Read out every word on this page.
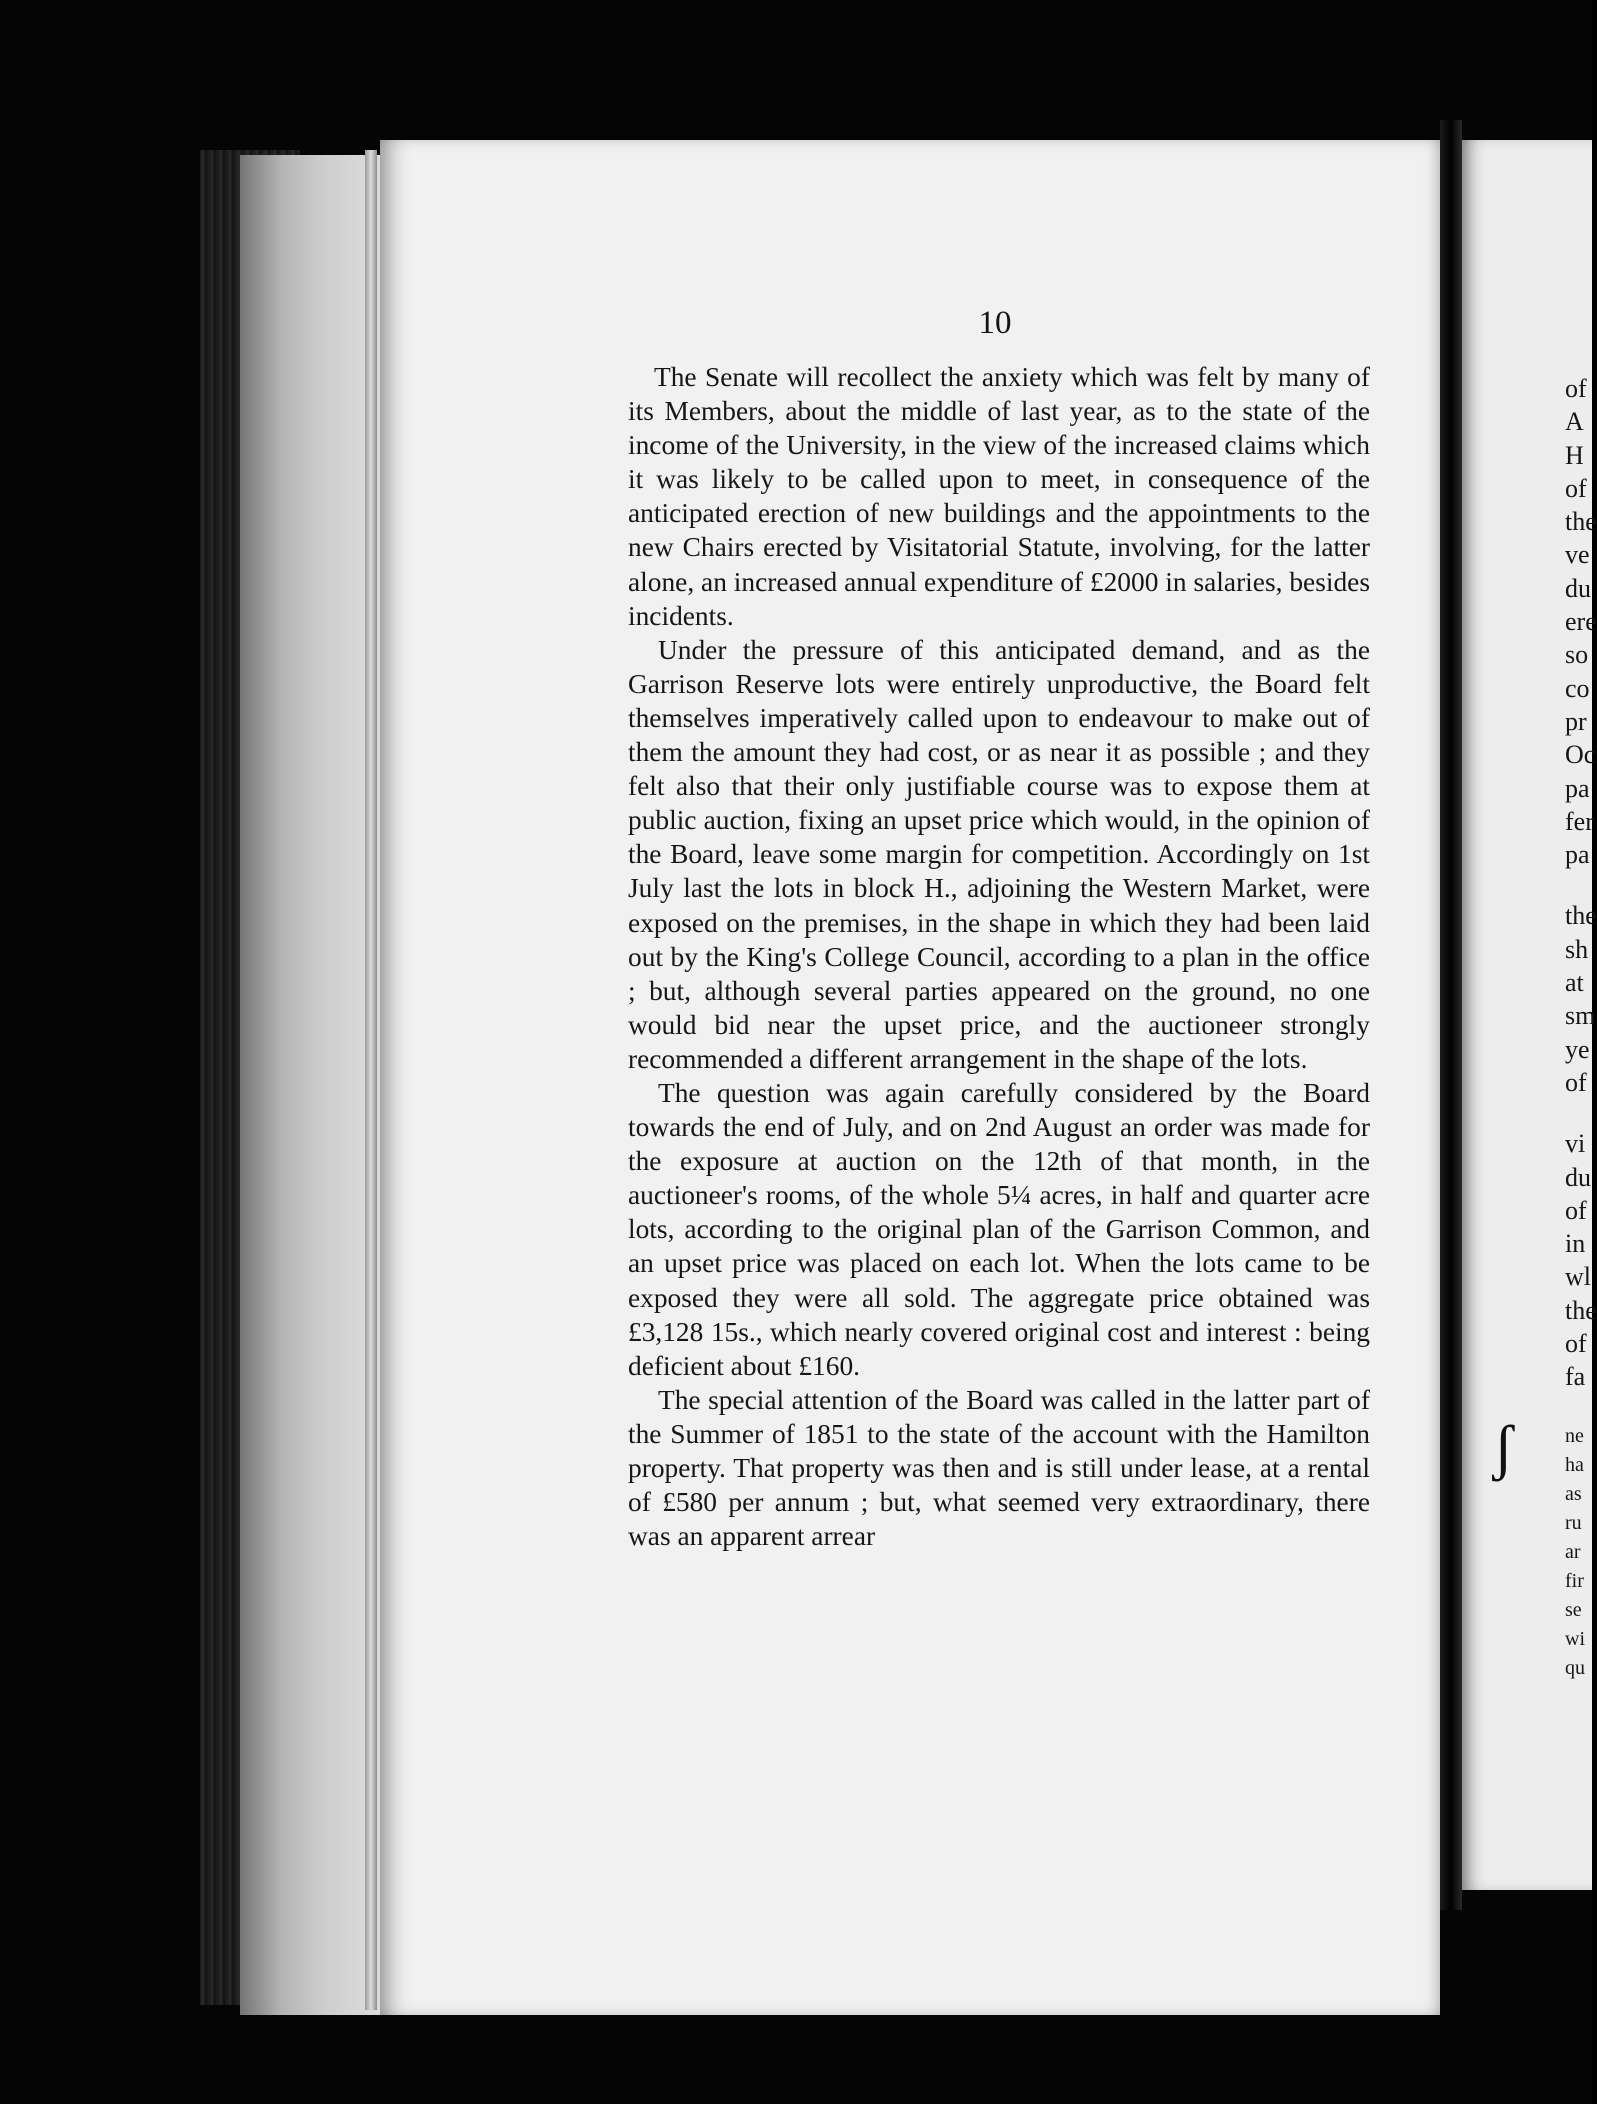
10

The Senate will recollect the anxiety which was felt by many of its Members, about the middle of last year, as to the state of the income of the University, in the view of the increased claims which it was likely to be called upon to meet, in consequence of the anticipated erection of new buildings and the appointments to the new Chairs erected by Visitatorial Statute, involving, for the latter alone, an increased annual expenditure of £2000 in salaries, besides incidents.

Under the pressure of this anticipated demand, and as the Garrison Reserve lots were entirely unproductive, the Board felt themselves imperatively called upon to endeavour to make out of them the amount they had cost, or as near it as possible ; and they felt also that their only justifiable course was to expose them at public auction, fixing an upset price which would, in the opinion of the Board, leave some margin for competition. Accordingly on 1st July last the lots in block H., adjoining the Western Market, were exposed on the premises, in the shape in which they had been laid out by the King's College Council, according to a plan in the office ; but, although several parties appeared on the ground, no one would bid near the upset price, and the auctioneer strongly recommended a different arrangement in the shape of the lots.

The question was again carefully considered by the Board towards the end of July, and on 2nd August an order was made for the exposure at auction on the 12th of that month, in the auctioneer's rooms, of the whole 5¼ acres, in half and quarter acre lots, according to the original plan of the Garrison Common, and an upset price was placed on each lot. When the lots came to be exposed they were all sold. The aggregate price obtained was £3,128 15s., which nearly covered original cost and interest : being deficient about £160.

The special attention of the Board was called in the latter part of the Summer of 1851 to the state of the account with the Hamilton property. That property was then and is still under lease, at a rental of £580 per annum ; but, what seemed very extraordinary, there was an apparent arrear

of
A
H
of
the
ve
du
ere
so
co
pr
Oc
pa
fer
pa
the
sh
at
sm
ye
of
vi
du
of
in
wl
the
of
fa
ne
ha
as
ru
ar
fir
se
wi
qu
ʃ
